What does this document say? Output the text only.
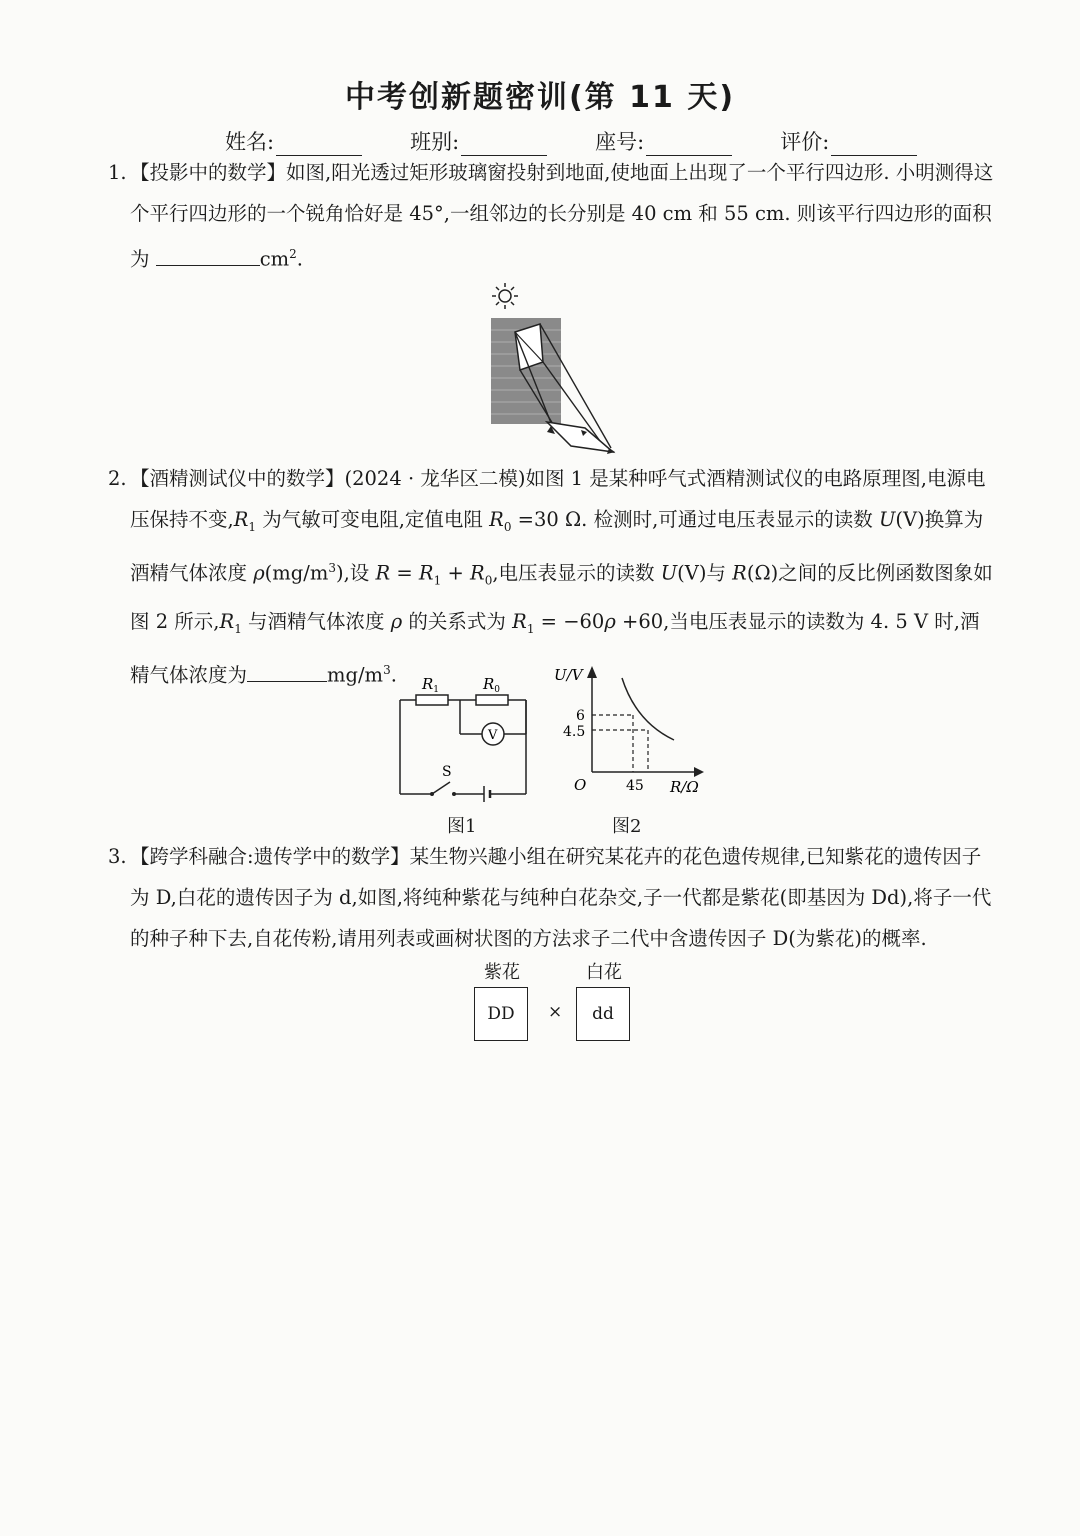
中考创新题密训(第 11 天)
姓名:	班别:	座号:	评价:
1. 【投影中的数学】如图,阳光透过矩形玻璃窗投射到地面,使地面上出现了一个平行四边形. 小明测得这个平行四边形的一个锐角恰好是 45°,一组邻边的长分别是 40 cm 和 55 cm. 则该平行四边形的面积为	$cm^2$.
2. 【酒精测试仪中的数学】(2024 · 龙华区二模)如图 1 是某种呼气式酒精测试仪的电路原理图,电源电压保持不变$,R_1$ 为气敏可变电阻,定值电阻 $R_0 =30$ Ω. 检测时,可通过电压表显示的读数 U(V)换算为酒精气体浓度 $\rho(mg/m^3)$,设 $R = R_1 + R_0$,电压表显示的读数 U(V)与 R(Ω)之间的反比例函数图象如图 2 所示$,R_1$ 与酒精气体浓度 ρ 的关系式为 $R_1 = -60\rho +60$,当电压表显示的读数为 4. 5 V 时,酒精气体浓度为	$mg/m^3$.	$R_1$	$R_0$
V
S
图1
U/V
6
4.5
O	45 R/Ω
图2
3. 【跨学科融合:遗传学中的数学】某生物兴趣小组在研究某花卉的花色遗传规律,已知紫花的遗传因子为 D,白花的遗传因子为 d,如图,将纯种紫花与纯种白花杂交,子一代都是紫花(即基因为 Dd),将子一代的种子种下去,自花传粉,请用列表或画树状图的方法求子二代中含遗传因子 D(为紫花)的概率.
紫花	白花
DD	×	dd
